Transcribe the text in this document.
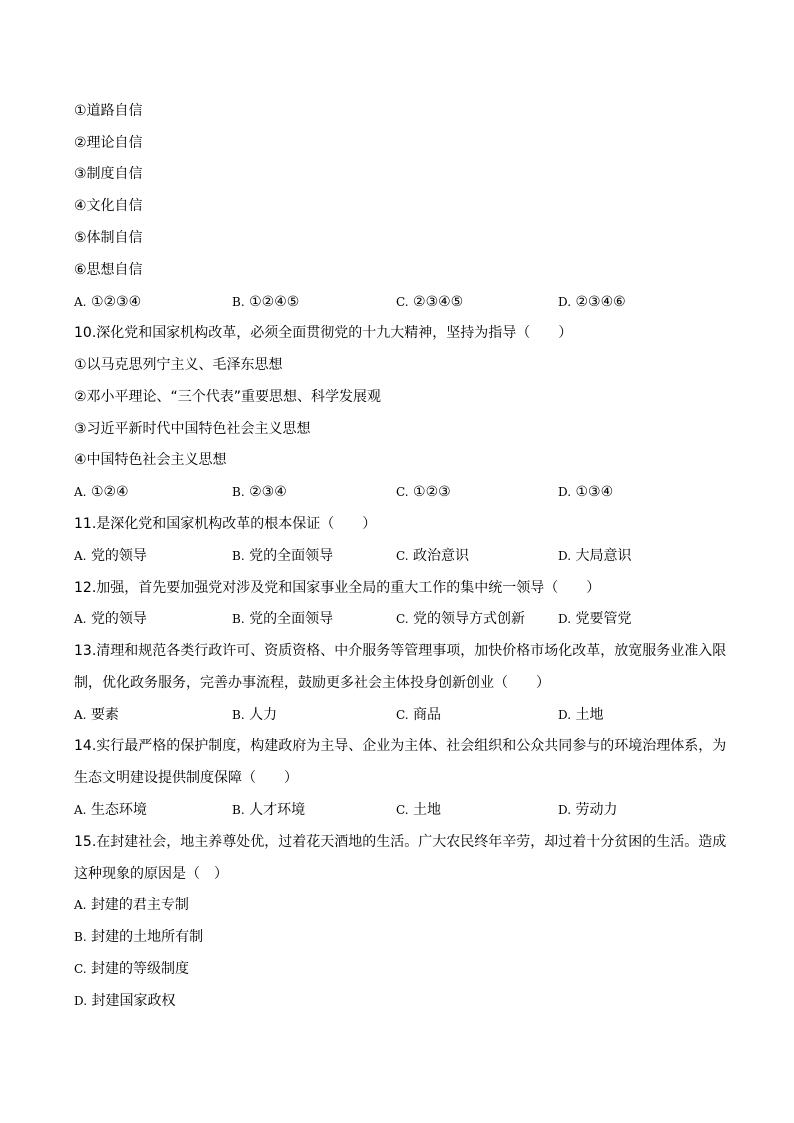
①道路自信
②理论自信
③制度自信
④文化自信
⑤体制自信
⑥思想自信
A. ①②③④	B. ①②④⑤	C. ②③④⑤	D. ②③④⑥
10.深化党和国家机构改革，必须全面贯彻党的十九大精神，坚持为指导（　　）
①以马克思列宁主义、毛泽东思想
②邓小平理论、“三个代表”重要思想、科学发展观
③习近平新时代中国特色社会主义思想
④中国特色社会主义思想
A. ①②④	B. ②③④	C. ①②③	D. ①③④
11.是深化党和国家机构改革的根本保证（　　）
A. 党的领导	B. 党的全面领导	C. 政治意识	D. 大局意识
12.加强，首先要加强党对涉及党和国家事业全局的重大工作的集中统一领导（　　）
A. 党的领导	B. 党的全面领导	C. 党的领导方式创新	D. 党要管党
13.清理和规范各类行政许可、资质资格、中介服务等管理事项，加快价格市场化改革，放宽服务业准入限
制，优化政务服务，完善办事流程，鼓励更多社会主体投身创新创业（　　）
A. 要素	B. 人力	C. 商品	D. 土地
14.实行最严格的保护制度，构建政府为主导、企业为主体、社会组织和公众共同参与的环境治理体系，为
生态文明建设提供制度保障（　　）
A. 生态环境	B. 人才环境	C. 土地	D. 劳动力
15.在封建社会，地主养尊处优，过着花天酒地的生活。广大农民终年辛劳，却过着十分贫困的生活。造成
这种现象的原因是（　）
A. 封建的君主专制
B. 封建的土地所有制
C. 封建的等级制度
D. 封建国家政权
